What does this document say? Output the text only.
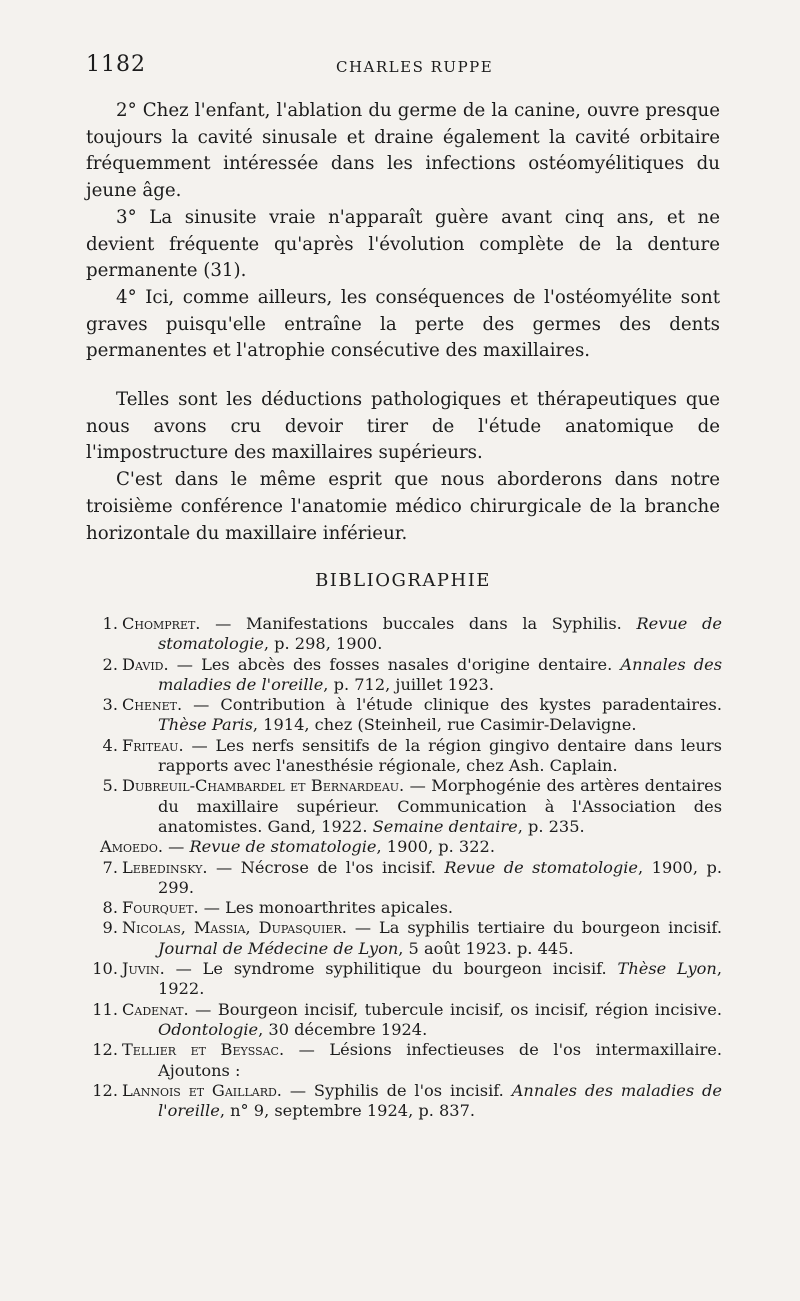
1182	CHARLES RUPPE

2° Chez l'enfant, l'ablation du germe de la canine, ouvre presque toujours la cavité sinusale et draine également la cavité orbitaire fréquemment intéressée dans les infections ostéomyélitiques du jeune âge.

3° La sinusite vraie n'apparaît guère avant cinq ans, et ne devient fréquente qu'après l'évolution complète de la denture permanente (31).

4° Ici, comme ailleurs, les conséquences de l'ostéomyélite sont graves puisqu'elle entraîne la perte des germes des dents permanentes et l'atrophie consécutive des maxillaires.

Telles sont les déductions pathologiques et thérapeutiques que nous avons cru devoir tirer de l'étude anatomique de l'impostructure des maxillaires supérieurs.

C'est dans le même esprit que nous aborderons dans notre troisième conférence l'anatomie médico chirurgicale de la branche horizontale du maxillaire inférieur.

BIBLIOGRAPHIE

1. Chompret. — Manifestations buccales dans la Syphilis. Revue de stomatologie, p. 298, 1900.

2. David. — Les abcès des fosses nasales d'origine dentaire. Annales des maladies de l'oreille, p. 712, juillet 1923.

3. Chenet. — Contribution à l'étude clinique des kystes paradentaires. Thèse Paris, 1914, chez (Steinheil, rue Casimir-Delavigne.

4. Friteau. — Les nerfs sensitifs de la région gingivo dentaire dans leurs rapports avec l'anesthésie régionale, chez Ash. Caplain.

5. Dubreuil-Chambardel et Bernardeau. — Morphogénie des artères dentaires du maxillaire supérieur. Communication à l'Association des anatomistes. Gand, 1922. Semaine dentaire, p. 235.

Amoedo. — Revue de stomatologie, 1900, p. 322.

7. Lebedinsky. — Nécrose de l'os incisif. Revue de stomatologie, 1900, p. 299.

8. Fourquet. — Les monoarthrites apicales.

9. Nicolas, Massia, Dupasquier. — La syphilis tertiaire du bourgeon incisif. Journal de Médecine de Lyon, 5 août 1923. p. 445.

10. Juvin. — Le syndrome syphilitique du bourgeon incisif. Thèse Lyon, 1922.

11. Cadenat. — Bourgeon incisif, tubercule incisif, os incisif, région incisive. Odontologie, 30 décembre 1924.

12. Tellier et Beyssac. — Lésions infectieuses de l'os intermaxillaire. Ajoutons :

12. Lannois et Gaillard. — Syphilis de l'os incisif. Annales des maladies de l'oreille, n° 9, septembre 1924, p. 837.
